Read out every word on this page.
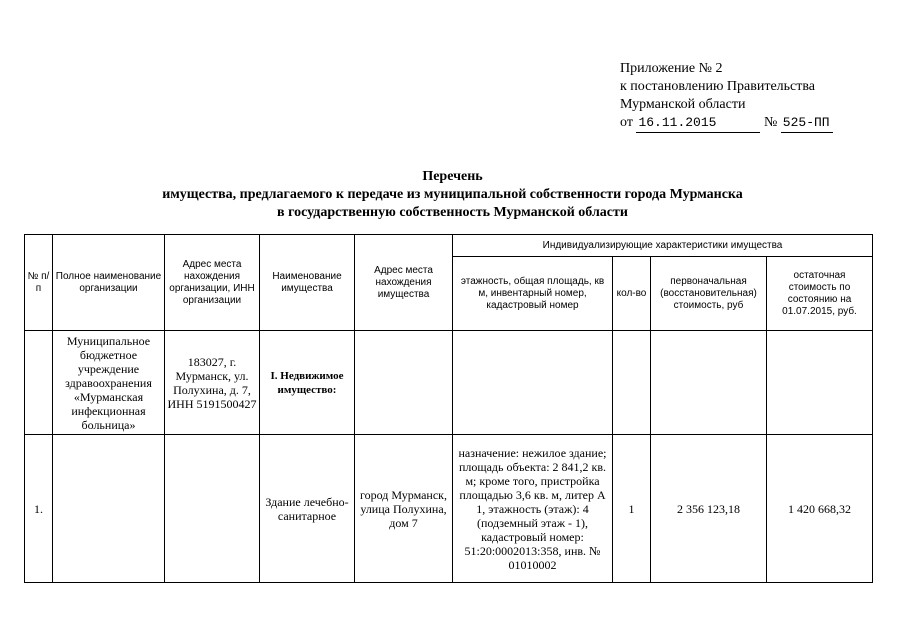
Приложение № 2
к постановлению Правительства
Мурманской области
от 16.11.2015	№ 525-ПП
Перечень
имущества, предлагаемого к передаче из муниципальной собственности города Мурманска
в государственную собственность Мурманской области
№ п/п	Полное наименование организации	Адрес места нахождения организации, ИНН организации	Наименование имущества	Адрес места нахождения имущества	Индивидуализирующие характеристики имущества			
					этажность, общая площадь, кв м, инвентарный номер, кадастровый номер	кол-во	первоначальная (восстановительная) стоимость, руб	остаточная стоимость по состоянию на 01.07.2015, руб.
	Муниципальное бюджетное учреждение здравоохранения «Мурманская инфекционная больница»	183027, г. Мурманск, ул. Полухина, д. 7, ИНН 5191500427	I. Недвижимое имущество:					
1.			Здание лечебно-санитарное	город Мурманск, улица Полухина, дом 7	назначение: нежилое здание; площадь объекта: 2 841,2 кв. м; кроме того, пристройка площадью 3,6 кв. м, литер А 1, этажность (этаж): 4 (подземный этаж - 1), кадастровый номер: 51:20:0002013:358, инв. № 01010002	1	2 356 123,18	1 420 668,32
